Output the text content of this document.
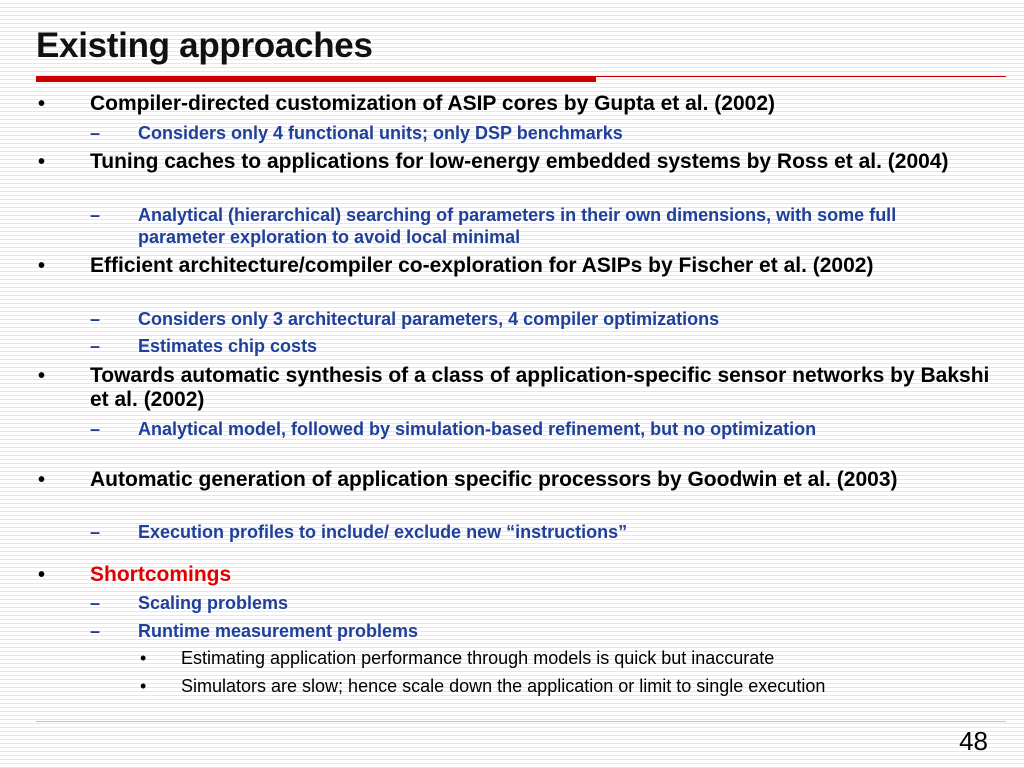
Existing approaches
• Compiler-directed customization of ASIP cores by Gupta et al. (2002)
– Considers only 4 functional units; only DSP benchmarks
• Tuning caches to applications for low-energy embedded systems by Ross et al. (2004)
– Analytical (hierarchical) searching of parameters in their own dimensions, with some full parameter exploration to avoid local minimal
• Efficient architecture/compiler co-exploration for ASIPs by Fischer et al. (2002)
– Considers only 3 architectural parameters, 4 compiler optimizations
– Estimates chip costs
• Towards automatic synthesis of a class of application-specific sensor networks by Bakshi et al. (2002)
– Analytical model, followed by simulation-based refinement, but no optimization
• Automatic generation of application specific processors by Goodwin et al. (2003)
– Execution profiles to include/ exclude new “instructions”
• Shortcomings
– Scaling problems
– Runtime measurement problems
• Estimating application performance through models is quick but inaccurate
• Simulators are slow; hence scale down the application or limit to single execution
48
